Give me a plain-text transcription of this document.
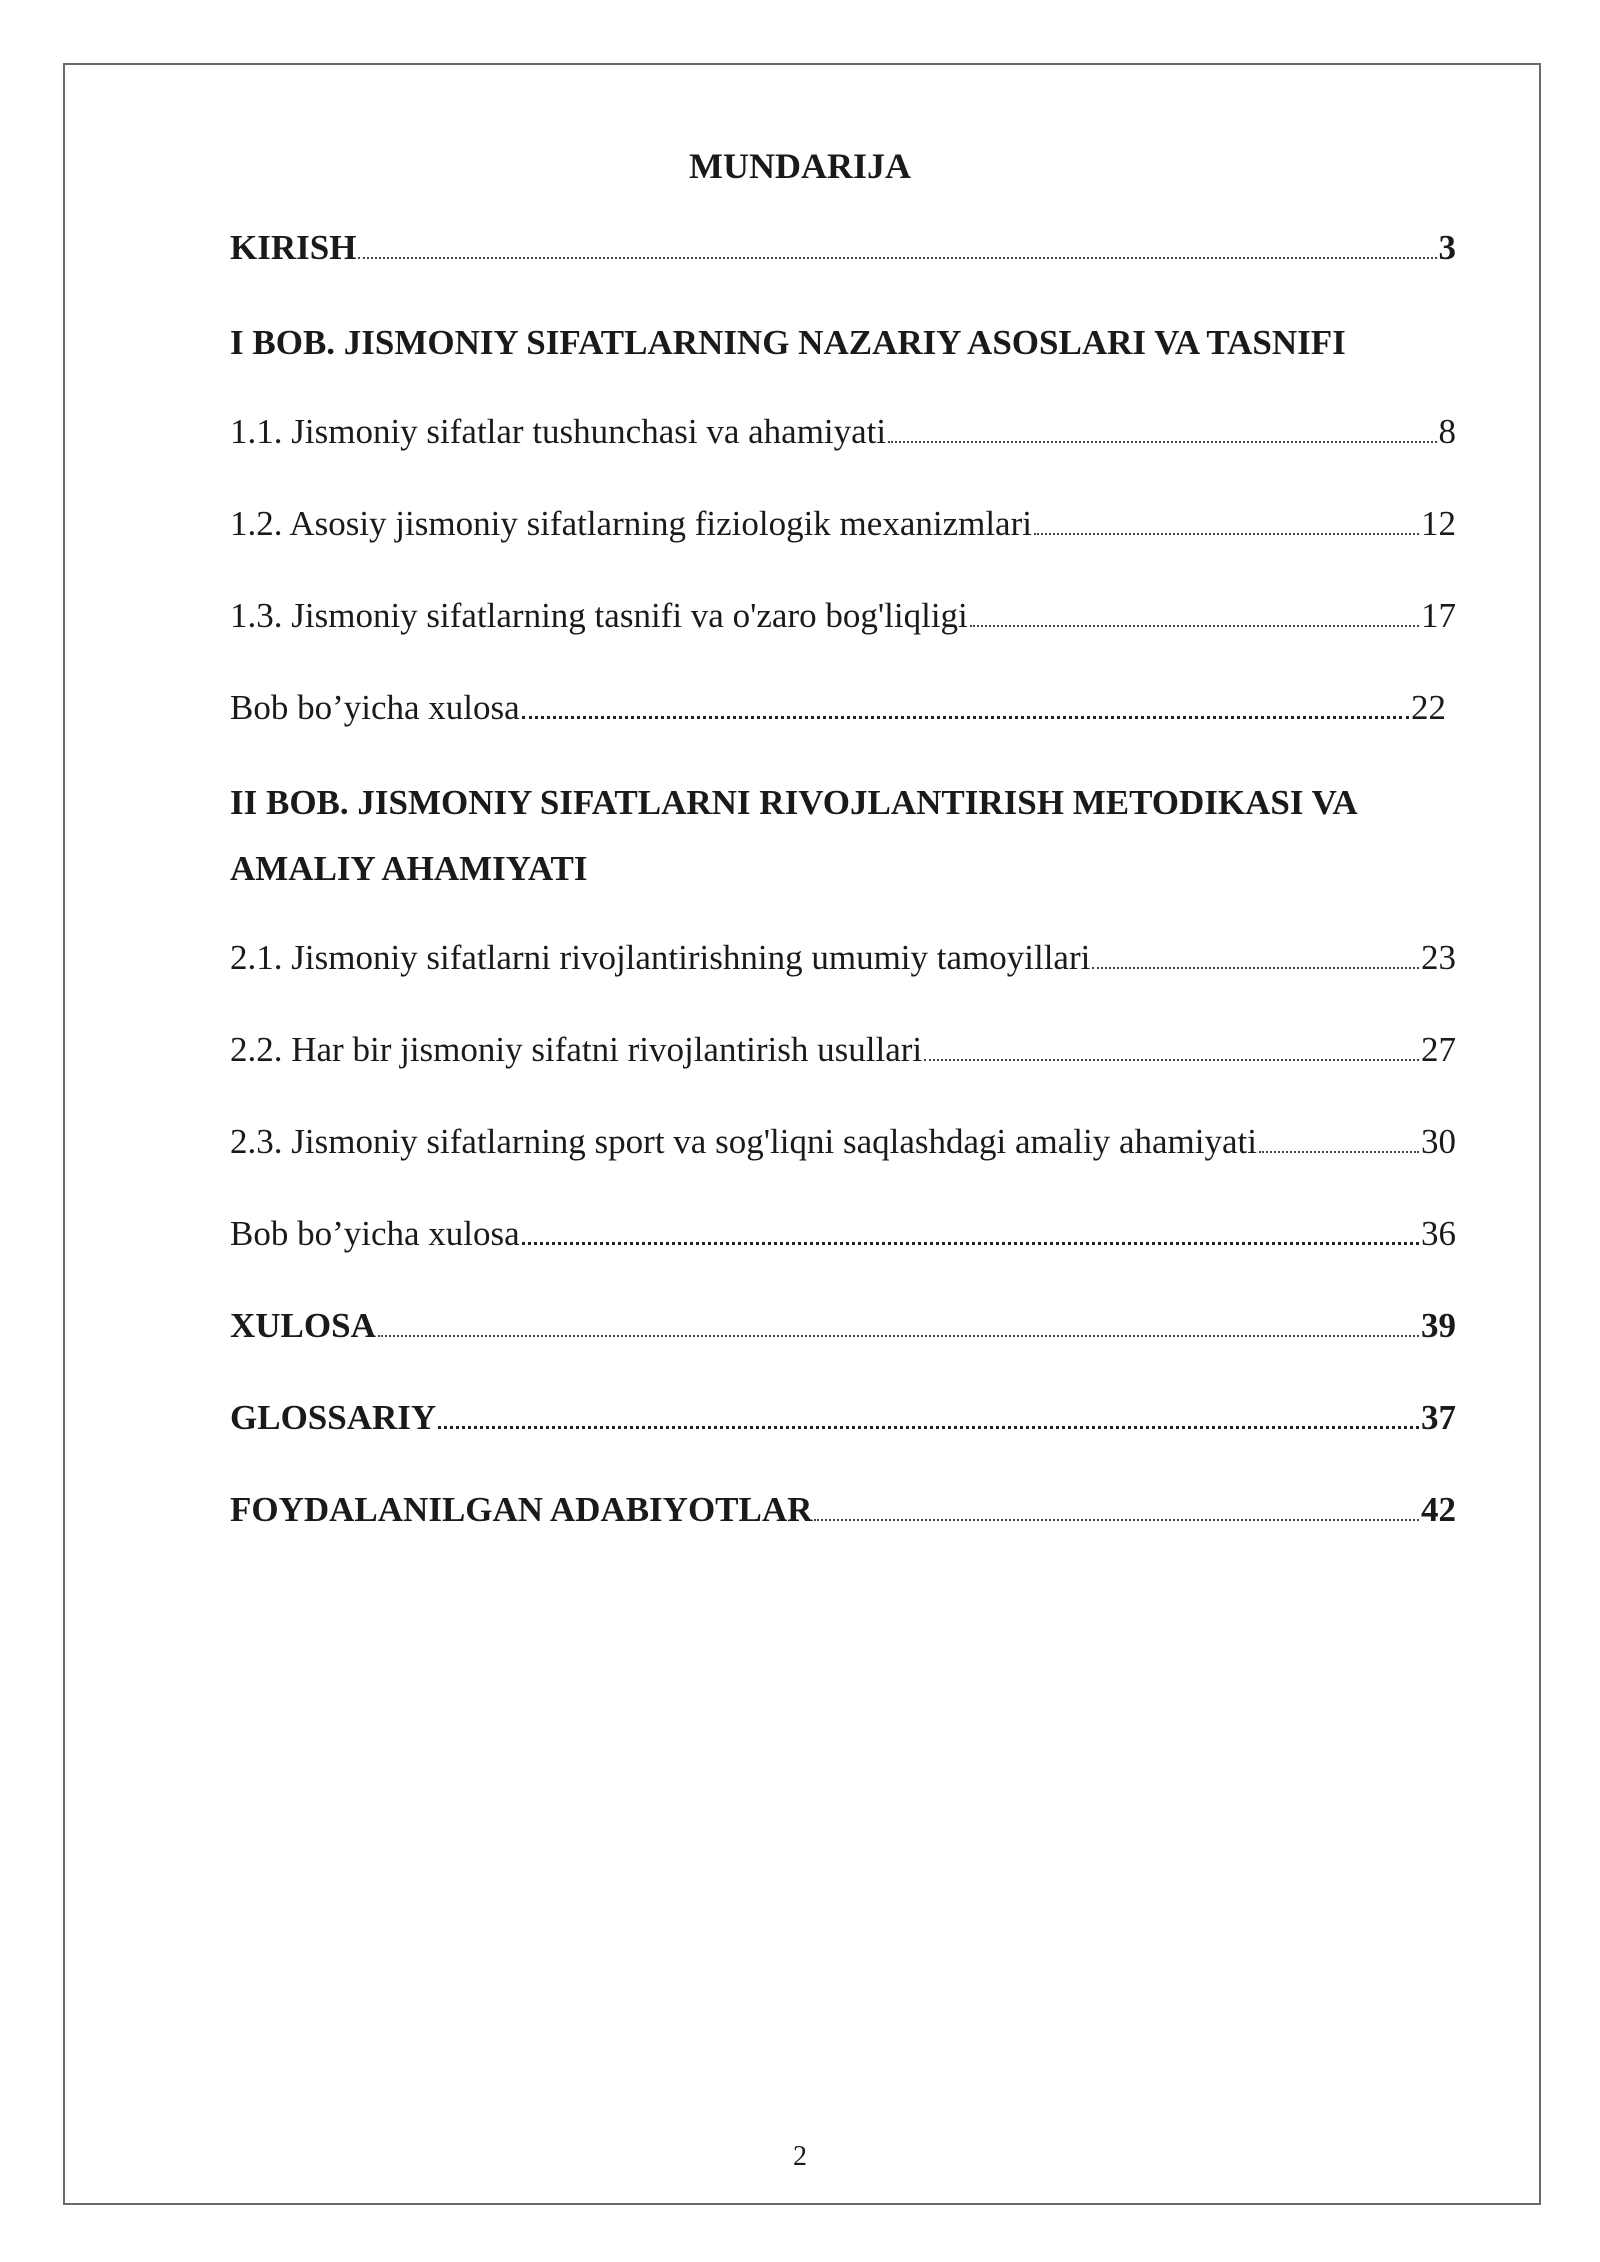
MUNDARIJA
KIRISH	3
I BOB. JISMONIY SIFATLARNING NAZARIY ASOSLARI VA TASNIFI
1.1. Jismoniy sifatlar tushunchasi va ahamiyati	8
1.2. Asosiy jismoniy sifatlarning fiziologik mexanizmlari	12
1.3. Jismoniy sifatlarning tasnifi va o'zaro bog'liqligi	17
Bob bo’yicha xulosa	22
II BOB. JISMONIY SIFATLARNI RIVOJLANTIRISH METODIKASI VA AMALIY AHAMIYATI
2.1. Jismoniy sifatlarni rivojlantirishning umumiy tamoyillari	23
2.2. Har bir jismoniy sifatni rivojlantirish usullari	27
2.3. Jismoniy sifatlarning sport va sog'liqni saqlashdagi amaliy ahamiyati	30
Bob bo’yicha xulosa	36
XULOSA	39
GLOSSARIY	37
FOYDALANILGAN ADABIYOTLAR	42
2
